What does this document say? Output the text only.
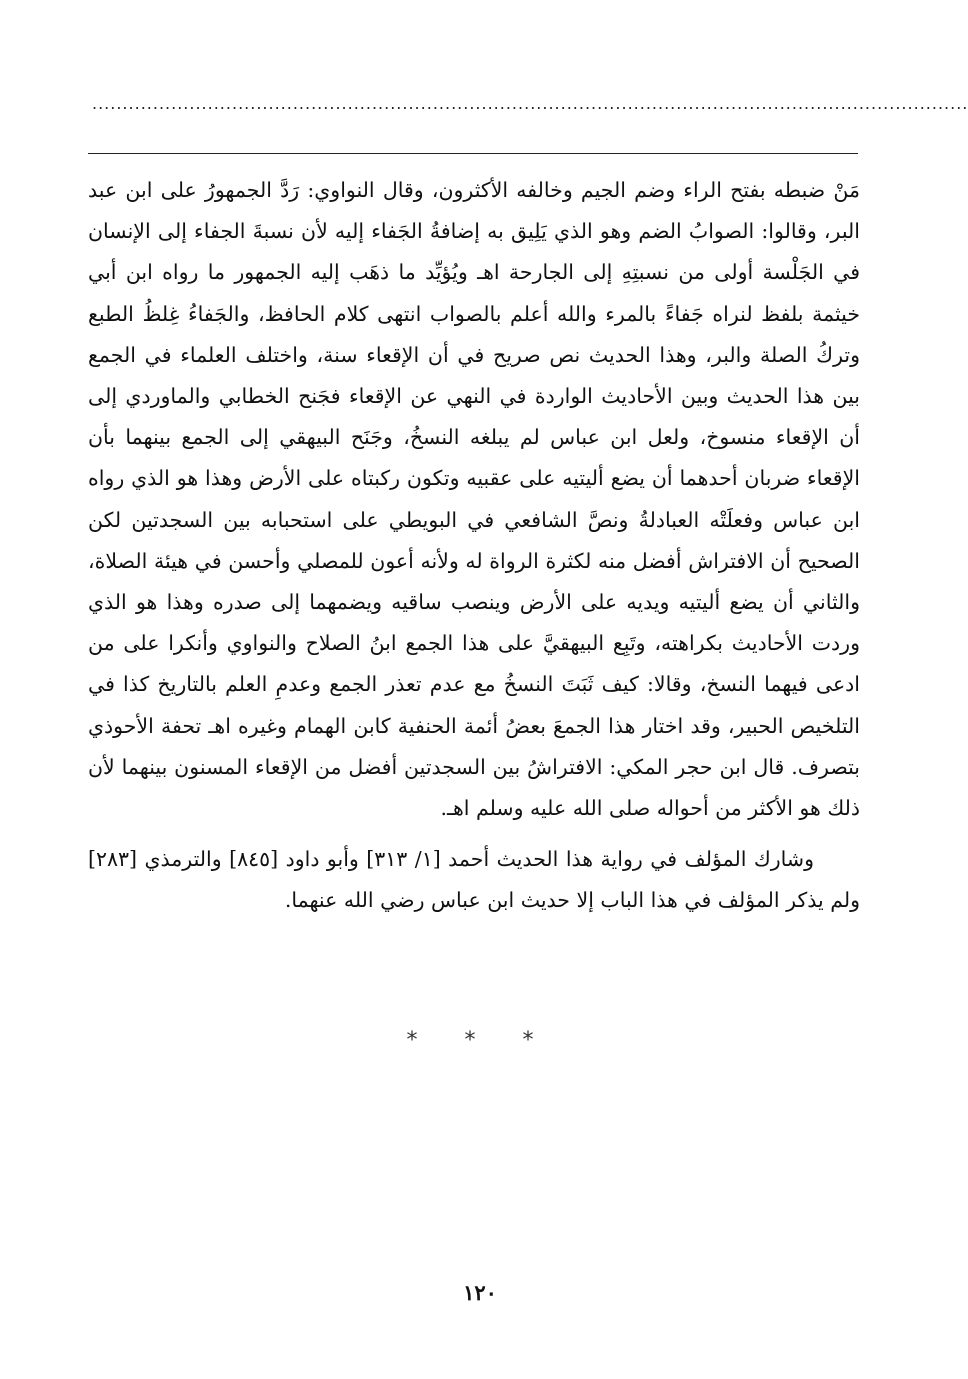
................................................................................................................................................

مَنْ ضبطه بفتح الراء وضم الجيم وخالفه الأكثرون، وقال النواوي: رَدَّ الجمهورُ على ابن عبد البر، وقالوا: الصوابُ الضم وهو الذي يَلِيق به إضافةُ الجَفاء إليه لأن نسبةَ الجفاء إلى الإنسان في الجَلْسة أولى من نسبتِهِ إلى الجارحة اهـ ويُؤيِّد ما ذهَب إليه الجمهور ما رواه ابن أبي خيثمة بلفظ لنراه جَفاءً بالمرء والله أعلم بالصواب انتهى كلام الحافظ، والجَفاءُ غِلظُ الطبع وتركُ الصلة والبر، وهذا الحديث نص صريح في أن الإقعاء سنة، واختلف العلماء في الجمع بين هذا الحديث وبين الأحاديث الواردة في النهي عن الإقعاء فجَنح الخطابي والماوردي إلى أن الإقعاء منسوخ، ولعل ابن عباس لم يبلغه النسخُ، وجَنَح البيهقي إلى الجمع بينهما بأن الإقعاء ضربان أحدهما أن يضع أليتيه على عقبيه وتكون ركبتاه على الأرض وهذا هو الذي رواه ابن عباس وفعلَتْه العبادلةُ ونصَّ الشافعي في البويطي على استحبابه بين السجدتين لكن الصحيح أن الافتراش أفضل منه لكثرة الرواة له ولأنه أعون للمصلي وأحسن في هيئة الصلاة، والثاني أن يضع أليتيه ويديه على الأرض وينصب ساقيه ويضمهما إلى صدره وهذا هو الذي وردت الأحاديث بكراهته، وتَبِع البيهقيَّ على هذا الجمع ابنُ الصلاح والنواوي وأنكرا على من ادعى فيهما النسخ، وقالا: كيف ثَبَتَ النسخُ مع عدم تعذر الجمع وعدمِ العلم بالتاريخ كذا في التلخيص الحبير، وقد اختار هذا الجمعَ بعضُ أئمة الحنفية كابن الهمام وغيره اهـ تحفة الأحوذي بتصرف. قال ابن حجر المكي: الافتراشُ بين السجدتين أفضل من الإقعاء المسنون بينهما لأن ذلك هو الأكثر من أحواله صلى الله عليه وسلم اهـ.

وشارك المؤلف في رواية هذا الحديث أحمد [١/ ٣١٣] وأبو داود [٨٤٥] والترمذي [٢٨٣] ولم يذكر المؤلف في هذا الباب إلا حديث ابن عباس رضي الله عنهما.

* * *
١٢٠
